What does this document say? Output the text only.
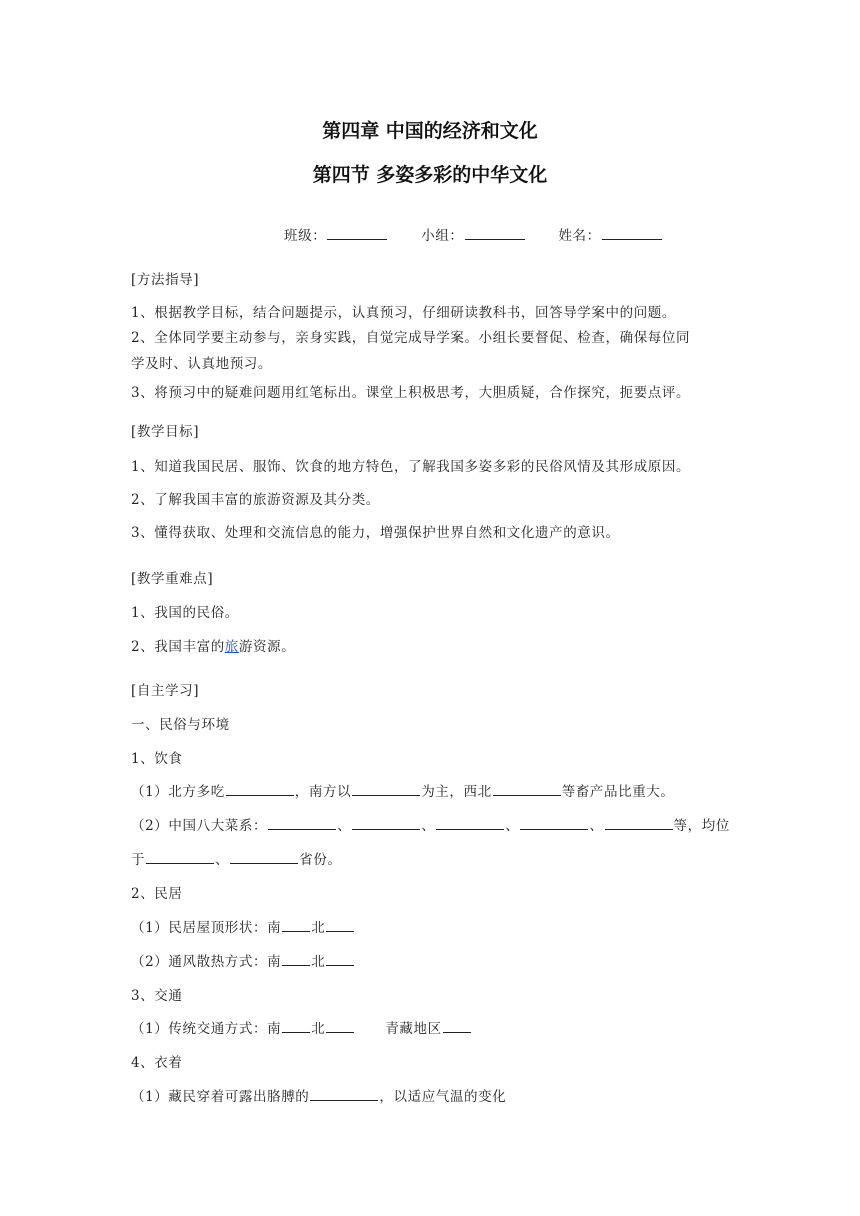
第四章 中国的经济和文化
第四节 多姿多彩的中华文化
班级：	小组：	姓名：
[方法指导]
1、根据教学目标，结合问题提示，认真预习，仔细研读教科书，回答导学案中的问题。
2、全体同学要主动参与，亲身实践，自觉完成导学案。小组长要督促、检查，确保每位同
学及时、认真地预习。
3、将预习中的疑难问题用红笔标出。课堂上积极思考，大胆质疑，合作探究，扼要点评。
[教学目标]
1、知道我国民居、服饰、饮食的地方特色，了解我国多姿多彩的民俗风情及其形成原因。
2、了解我国丰富的旅游资源及其分类。
3、懂得获取、处理和交流信息的能力，增强保护世界自然和文化遗产的意识。
[教学重难点]
1、我国的民俗。
2、我国丰富的旅游资源。
[自主学习]
一、民俗与环境
1、饮食
（1）北方多吃	，南方以	为主，西北	等畜产品比重大。
（2）中国八大菜系：	、	、	、	、	等，均位
于	、	省份。
2、民居
（1）民居屋顶形状：南 北
（2）通风散热方式：南 北
3、交通
（1）传统交通方式：南 北	青藏地区
4、衣着
（1）藏民穿着可露出胳膊的	，以适应气温的变化
